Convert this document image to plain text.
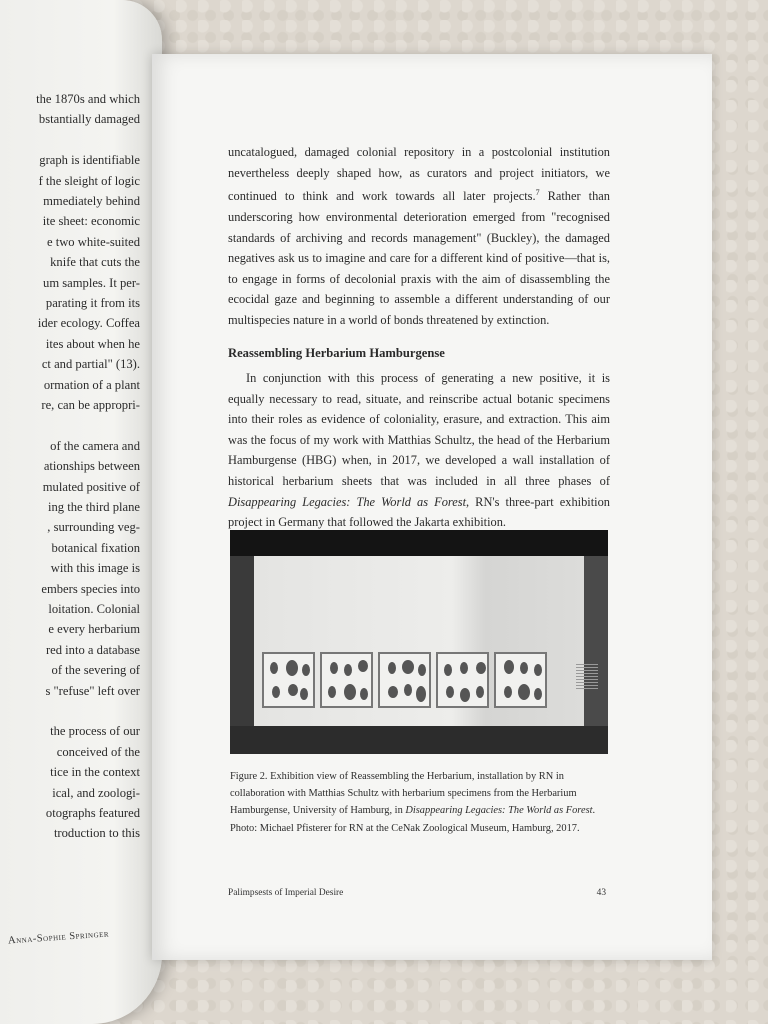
the 1870s and which
bstantially damaged
graph is identifiable
f the sleight of logic
mmediately behind
ite sheet: economic
e two white-suited
knife that cuts the
um samples. It per-
parating it from its
ider ecology. Coffea
ites about when he
ct and partial" (13).
ormation of a plant
re, can be appropri-
of the camera and
ationships between
mulated positive of
ing the third plane
, surrounding veg-
botanical fixation
with this image is
embers species into
loitation. Colonial
e every herbarium
red into a database
of the severing of
s "refuse" left over
the process of our
conceived of the
tice in the context
ical, and zoologi-
otographs featured
troduction to this
Anna-Sophie Springer

uncatalogued, damaged colonial repository in a postcolonial institution nevertheless deeply shaped how, as curators and project initiators, we continued to think and work towards all later projects.$^7$ Rather than underscoring how environmental deterioration emerged from "recognised standards of archiving and records management" (Buckley), the damaged negatives ask us to imagine and care for a different kind of positive—that is, to engage in forms of decolonial praxis with the aim of disassembling the ecocidal gaze and beginning to assemble a different understanding of our multispecies nature in a world of bonds threatened by extinction.

Reassembling Herbarium Hamburgense

In conjunction with this process of generating a new positive, it is equally necessary to read, situate, and reinscribe actual botanic specimens into their roles as evidence of coloniality, erasure, and extraction. This aim was the focus of my work with Matthias Schultz, the head of the Herbarium Hamburgense (HBG) when, in 2017, we developed a wall installation of historical herbarium sheets that was included in all three phases of Disappearing Legacies: The World as Forest, RN's three-part exhibition project in Germany that followed the Jakarta exhibition.

Figure 2. Exhibition view of Reassembling the Herbarium, installation by RN in collaboration with Matthias Schultz with herbarium specimens from the Herbarium Hamburgense, University of Hamburg, in Disappearing Legacies: The World as Forest. Photo: Michael Pfisterer for RN at the CeNak Zoological Museum, Hamburg, 2017.
Palimpsests of Imperial Desire	43
